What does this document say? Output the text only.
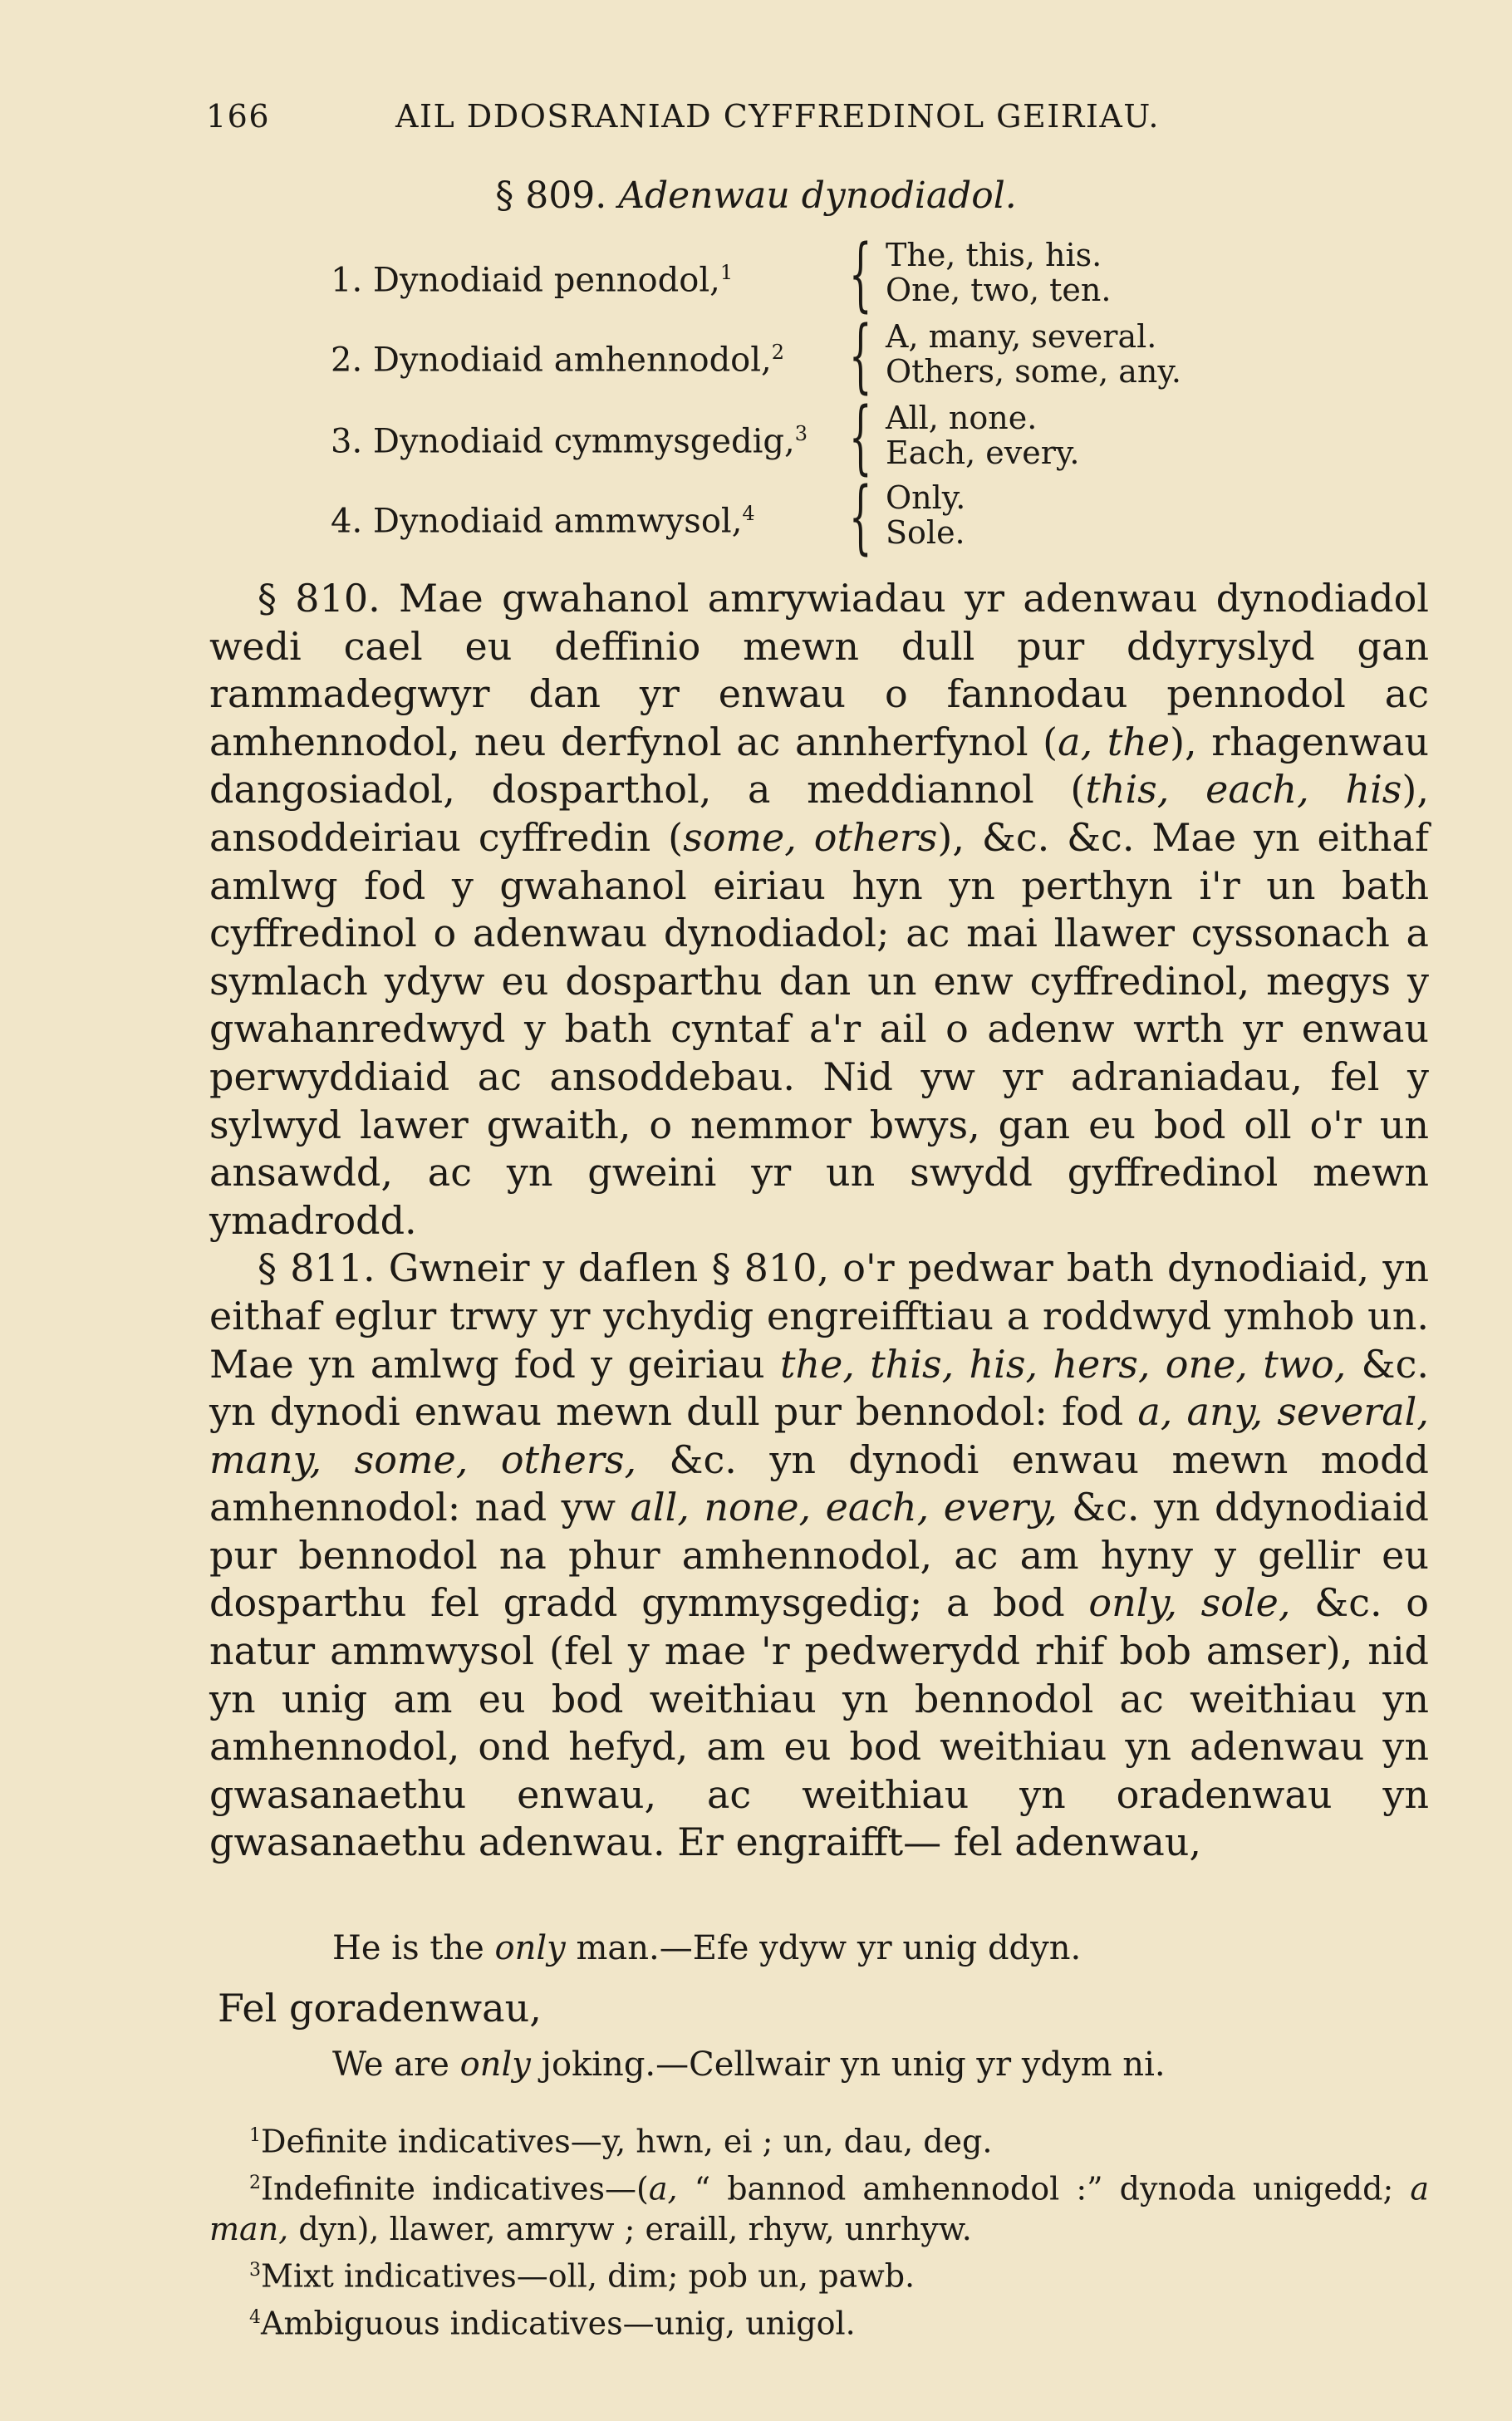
166	AIL DDOSRANIAD CYFFREDINOL GEIRIAU.
§ 809. Adenwau dynodiadol.
1. Dynodiaid pennodol,$^1$ { The, this, his.
One, two, ten.
2. Dynodiaid amhennodol,$^2$ { A, many, several.
Others, some, any.
3. Dynodiaid cymmysgedig,$^3$ { All, none.
Each, every.
4. Dynodiaid ammwysol,$^4$ { Only.
Sole.

§ 810. Mae gwahanol amrywiadau yr adenwau dynodiadol wedi cael eu deffinio mewn dull pur ddyryslyd gan rammadegwyr dan yr enwau o fannodau pennodol ac amhennodol, neu derfynol ac annherfynol (a, the), rhagenwau dangosiadol, dosparthol, a meddiannol (this, each, his), ansoddeiriau cyffredin (some, others), &c. &c. Mae yn eithaf amlwg fod y gwahanol eiriau hyn yn perthyn i'r un bath cyffredinol o adenwau dynodiadol; ac mai llawer cyssonach a symlach ydyw eu dosparthu dan un enw cyffredinol, megys y gwahanredwyd y bath cyntaf a'r ail o adenw wrth yr enwau perwyddiaid ac ansoddebau. Nid yw yr adraniadau, fel y sylwyd lawer gwaith, o nemmor bwys, gan eu bod oll o'r un ansawdd, ac yn gweini yr un swydd gyffredinol mewn ymadrodd.

§ 811. Gwneir y daflen § 810, o'r pedwar bath dynodiaid, yn eithaf eglur trwy yr ychydig engreifftiau a roddwyd ymhob un. Mae yn amlwg fod y geiriau the, this, his, hers, one, two, &c. yn dynodi enwau mewn dull pur bennodol: fod a, any, several, many, some, others, &c. yn dynodi enwau mewn modd amhennodol: nad yw all, none, each, every, &c. yn ddynodiaid pur bennodol na phur amhennodol, ac am hyny y gellir eu dosparthu fel gradd gymmysgedig; a bod only, sole, &c. o natur ammwysol (fel y mae 'r pedwerydd rhif bob amser), nid yn unig am eu bod weithiau yn bennodol ac weithiau yn amhennodol, ond hefyd, am eu bod weithiau yn adenwau yn gwasanaethu enwau, ac weithiau yn oradenwau yn gwasanaethu adenwau. Er engraifft— fel adenwau,

He is the only man.—Efe ydyw yr unig ddyn.
Fel goradenwau,
We are only joking.—Cellwair yn unig yr ydym ni.

$^1$Definite indicatives—y, hwn, ei ; un, dau, deg.

$^2$Indefinite indicatives—(a, “ bannod amhennodol :” dynoda unigedd; a man, dyn), llawer, amryw ; eraill, rhyw, unrhyw.

$^3$Mixt indicatives—oll, dim; pob un, pawb.

$^4$Ambiguous indicatives—unig, unigol.
